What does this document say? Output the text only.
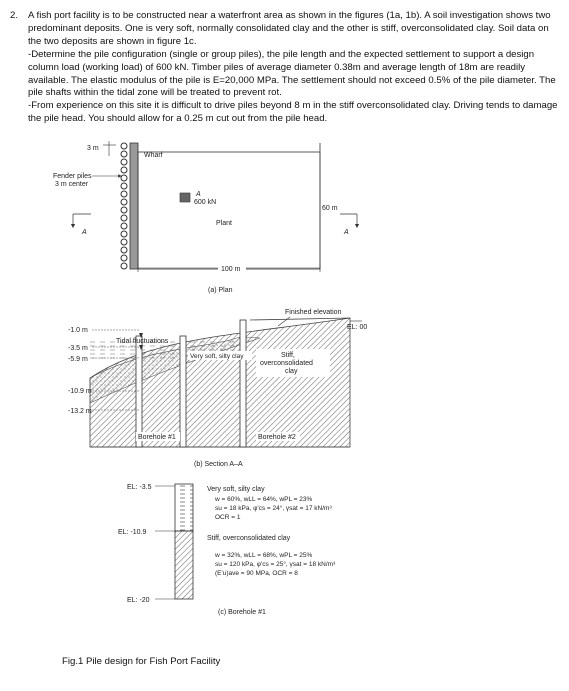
2. A fish port facility is to be constructed near a waterfront area as shown in the figures (1a, 1b). A soil investigation shows two predominant deposits. One is very soft, normally consolidated clay and the other is stiff, overconsolidated clay. Soil data on the two deposits are shown in figure 1c.

-Determine the pile configuration (single or group piles), the pile length and the expected settlement to support a design column load (working load) of 600 kN. Timber piles of average diameter 0.38m and average length of 18m are readily available. The elastic modulus of the pile is E=20,000 MPa. The settlement should not exceed 0.5% of the pile diameter. The pile shafts within the tidal zone will be treated to prevent rot.

-From experience on this site it is difficult to drive piles beyond 8 m in the stiff overconsolidated clay. Driving tends to damage the pile head. You should allow for a 0.25 m cut out from the pile head.

3 m
Wharf
Fender piles
3 m center
A
600 kN
Plant
60 m
100 m
A	A
(a) Plan
Finished elevation
EL: 00
-1.0 m
-3.5 m
-5.9 m
-10.9 m
-13.2 m
Tidal fluctuations
Very soft, silty clay	Stiff,
overconsolidated
clay
Borehole #1	Borehole #2
(b) Section A–A
EL: -3.5
EL: -10.9
EL: -20
Very soft, silty clay
w = 60%, wLL = 64%, wPL = 23%
su = 18 kPa, φ'cs = 24°, γsat = 17 kN/m³
OCR = 1
Stiff, overconsolidated clay
w = 32%, wLL = 68%, wPL = 25%
su = 120 kPa, φ'cs = 25°, γsat = 18 kN/m³
(E'u)ave = 90 MPa, OCR = 8
(c) Borehole #1
Fig.1 Pile design for Fish Port Facility
